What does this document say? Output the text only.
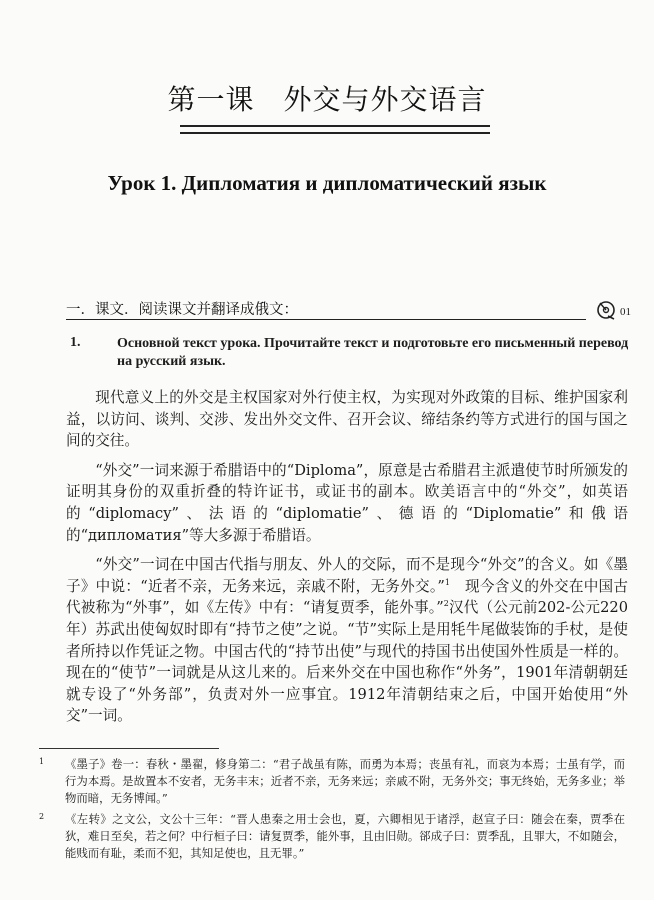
第一课　外交与外交语言
Урок 1. Дипломатия и дипломатический язык
一．课文．阅读课文并翻译成俄文：	01
1.	Основной текст урока. Прочитайте текст и подготовьте его письменный перевод на русский язык.

现代意义上的外交是主权国家对外行使主权，为实现对外政策的目标、维护国家利益，以访问、谈判、交涉、发出外交文件、召开会议、缔结条约等方式进行的国与国之间的交往。

“外交”一词来源于希腊语中的“Diploma”，原意是古希腊君主派遣使节时所颁发的证明其身份的双重折叠的特许证书，或证书的副本。欧美语言中的“外交”，如英语的“diplomacy”、法语的“diplomatie”、德语的“Diplomatie”和俄语的“дипломатия”等大多源于希腊语。

“外交”一词在中国古代指与朋友、外人的交际，而不是现今“外交”的含义。如《墨子》中说：“近者不亲，无务来远，亲戚不附，无务外交。”$^1$　 现今含义的外交在中国古代被称为“外事”，如《左传》中有：“请复贾季，能外事。”$^2$汉代（公元前202-公元220年）苏武出使匈奴时即有“持节之使”之说。“节”实际上是用牦牛尾做装饰的手杖，是使者所持以作凭证之物。中国古代的“持节出使”与现代的持国书出使国外性质是一样的。现在的“使节”一词就是从这儿来的。后来外交在中国也称作“外务”，1901年清朝朝廷就专设了“外务部”，负责对外一应事宜。1912年清朝结束之后，中国开始使用“外交”一词。

1 《墨子》卷一：春秋・墨翟，修身第二：“君子战虽有陈，而勇为本焉；丧虽有礼，而哀为本焉；士虽有学，而行为本焉。是故置本不安者，无务丰末；近者不亲，无务来远；亲戚不附，无务外交；事无终始，无务多业；举物而暗，无务博闻。”
2 《左转》之文公，文公十三年：“晋人患秦之用士会也，夏，六卿相见于诸浮，赵宣子曰：随会在秦，贾季在狄，难日至矣，若之何？中行桓子曰：请复贾季，能外事，且由旧勋。郤成子曰：贾季乱，且罪大，不如随会，能贱而有耻，柔而不犯，其知足使也，且无罪。”
